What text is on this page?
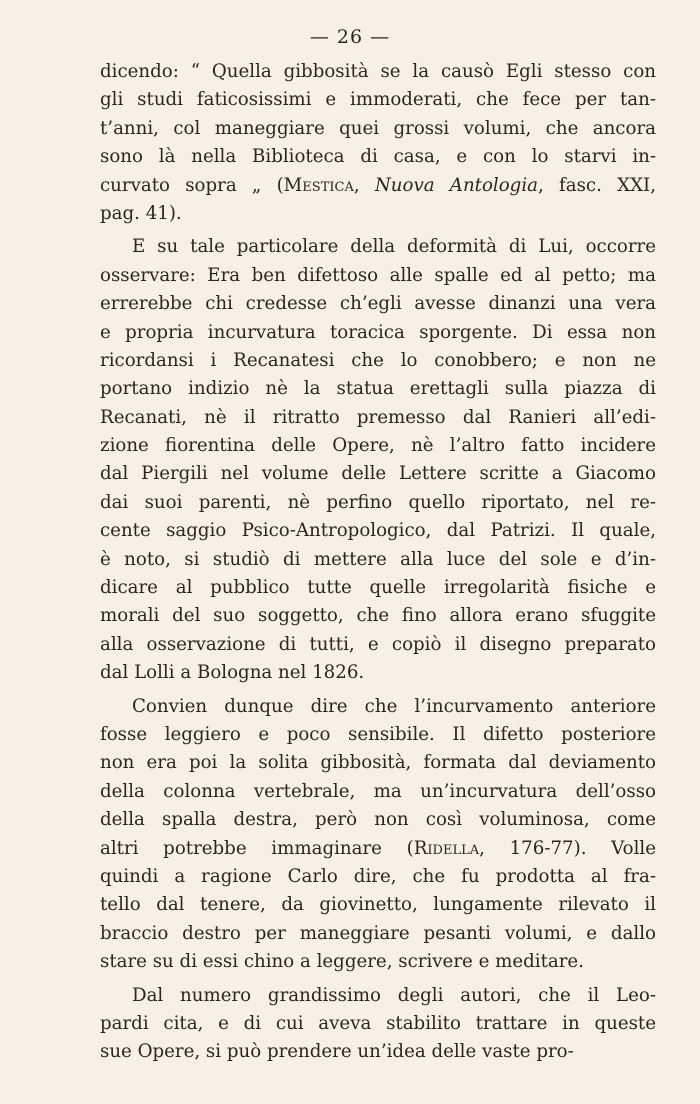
— 26 —
dicendo: “ Quella gibbosità se la causò Egli stesso con
gli studi faticosissimi e immoderati, che fece per tan-
t’anni, col maneggiare quei grossi volumi, che ancora
sono là nella Biblioteca di casa, e con lo starvi in-
curvato sopra „ (Mestica, Nuova Antologia, fasc. XXI,
pag. 41).
E su tale particolare della deformità di Lui, occorre
osservare: Era ben difettoso alle spalle ed al petto; ma
errerebbe chi credesse ch’egli avesse dinanzi una vera
e propria incurvatura toracica sporgente. Di essa non
ricordansi i Recanatesi che lo conobbero; e non ne
portano indizio nè la statua erettagli sulla piazza di
Recanati, nè il ritratto premesso dal Ranieri all’edi-
zione fiorentina delle Opere, nè l’altro fatto incidere
dal Piergili nel volume delle Lettere scritte a Giacomo
dai suoi parenti, nè perfino quello riportato, nel re-
cente saggio Psico-Antropologico, dal Patrizi. Il quale,
è noto, si studiò di mettere alla luce del sole e d’in-
dicare al pubblico tutte quelle irregolarità fisiche e
morali del suo soggetto, che fino allora erano sfuggite
alla osservazione di tutti, e copiò il disegno preparato
dal Lolli a Bologna nel 1826.
Convien dunque dire che l’incurvamento anteriore
fosse leggiero e poco sensibile. Il difetto posteriore
non era poi la solita gibbosità, formata dal deviamento
della colonna vertebrale, ma un’incurvatura dell’osso
della spalla destra, però non così voluminosa, come
altri potrebbe immaginare (Ridella, 176-77). Volle
quindi a ragione Carlo dire, che fu prodotta al fra-
tello dal tenere, da giovinetto, lungamente rilevato il
braccio destro per maneggiare pesanti volumi, e dallo
stare su di essi chino a leggere, scrivere e meditare.
Dal numero grandissimo degli autori, che il Leo-
pardi cita, e di cui aveva stabilito trattare in queste
sue Opere, si può prendere un’idea delle vaste pro-
